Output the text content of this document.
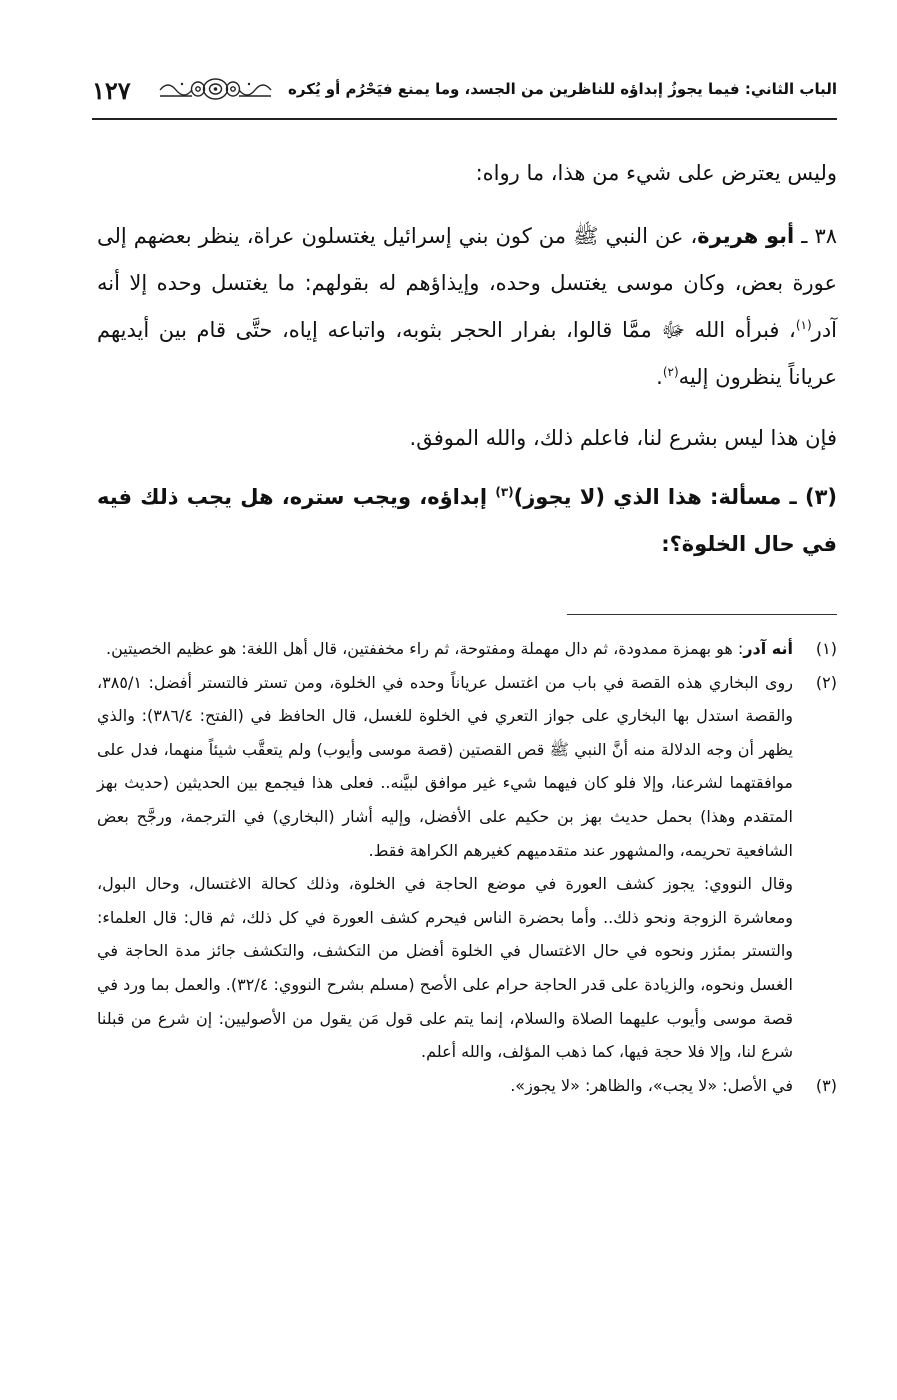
الباب الثاني: فيما يجوزُ إبداؤه للناظرين من الجسد، وما يمنع فيَحْرُم أو يُكره
١٢٧

وليس يعترض على شيء من هذا، ما رواه:

٣٨ ـ أبو هريرة، عن النبي ﷺ من كون بني إسرائيل يغتسلون عراة، ينظر بعضهم إلى عورة بعض، وكان موسى يغتسل وحده، وإيذاؤهم له بقولهم: ما يغتسل وحده إلا أنه آدر$^{(١)}$، فبرأه الله ﷻ ممَّا قالوا، بفرار الحجر بثوبه، واتباعه إياه، حتَّى قام بين أيديهم عرياناً ينظرون إليه$^{(٢)}$.

فإن هذا ليس بشرع لنا، فاعلم ذلك، والله الموفق.

(٣) ـ مسألة: هذا الذي (لا يجوز)$^{(٣)}$ إبداؤه، ويجب ستره، هل يجب ذلك فيه في حال الخلوة؟:

(١)
أنه آدر: هو بهمزة ممدودة، ثم دال مهملة ومفتوحة، ثم راء مخففتين، قال أهل اللغة: هو عظيم الخصيتين.

(٢)
روى البخاري هذه القصة في باب من اغتسل عرياناً وحده في الخلوة، ومن تستر فالتستر أفضل: ٣٨٥/١، والقصة استدل بها البخاري على جواز التعري في الخلوة للغسل، قال الحافظ في (الفتح: ٣٨٦/٤): والذي يظهر أن وجه الدلالة منه أنَّ النبي ﷺ قص القصتين (قصة موسى وأيوب) ولم يتعقَّب شيئاً منهما، فدل على موافقتهما لشرعنا، وإلا فلو كان فيهما شيء غير موافق لبيَّنه.. فعلى هذا فيجمع بين الحديثين (حديث بهز المتقدم وهذا) بحمل حديث بهز بن حكيم على الأفضل، وإليه أشار (البخاري) في الترجمة، ورجَّح بعض الشافعية تحريمه، والمشهور عند متقدميهم كغيرهم الكراهة فقط.

وقال النووي: يجوز كشف العورة في موضع الحاجة في الخلوة، وذلك كحالة الاغتسال، وحال البول، ومعاشرة الزوجة ونحو ذلك.. وأما بحضرة الناس فيحرم كشف العورة في كل ذلك، ثم قال: قال العلماء: والتستر بمئزر ونحوه في حال الاغتسال في الخلوة أفضل من التكشف، والتكشف جائز مدة الحاجة في الغسل ونحوه، والزيادة على قدر الحاجة حرام على الأصح (مسلم بشرح النووي: ٣٢/٤). والعمل بما ورد في قصة موسى وأيوب عليهما الصلاة والسلام، إنما يتم على قول مَن يقول من الأصوليين: إن شرع من قبلنا شرع لنا، وإلا فلا حجة فيها، كما ذهب المؤلف، والله أعلم.

(٣)
في الأصل: «لا يجب»، والظاهر: «لا يجوز».
